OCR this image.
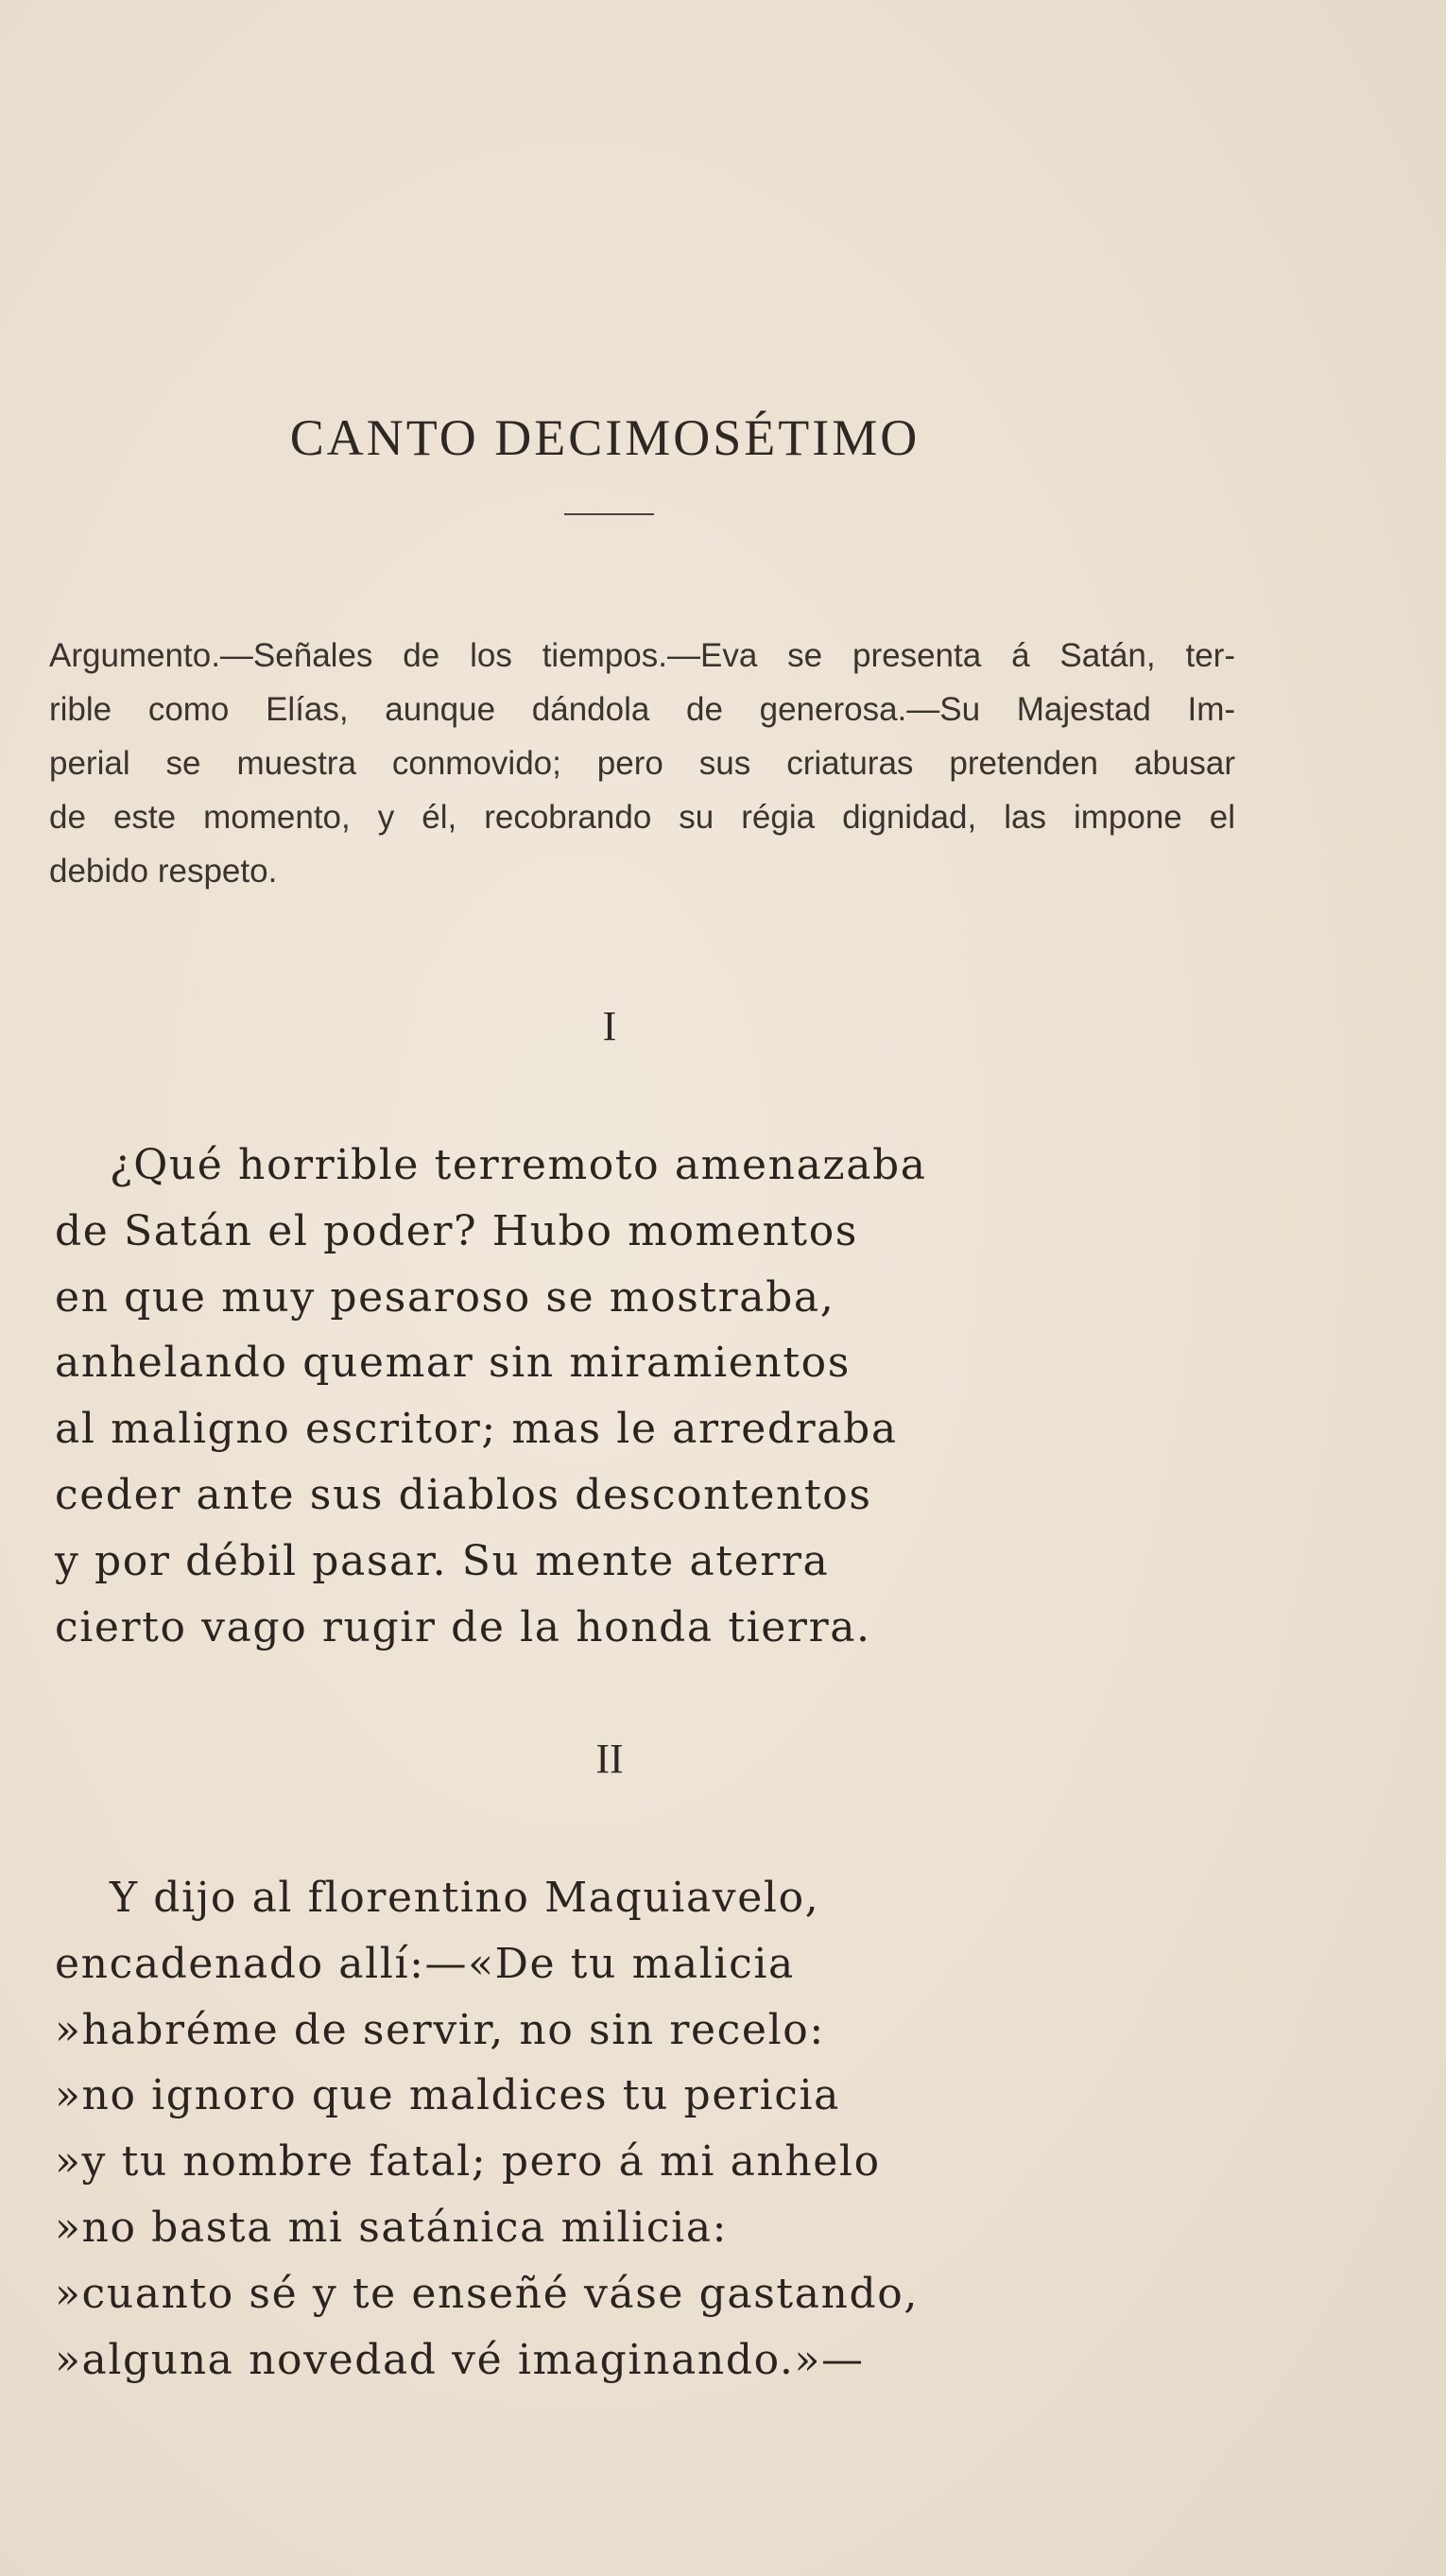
CANTO DECIMOSÉTIMO

Argumento.—Señales de los tiempos.—Eva se presenta á Satán, ter-
rible como Elías, aunque dándola de generosa.—Su Majestad Im-
perial se muestra conmovido; pero sus criaturas pretenden abusar
de este momento, y él, recobrando su régia dignidad, las impone el
debido respeto.

I

¿Qué horrible terremoto amenazaba
de Satán el poder? Hubo momentos
en que muy pesaroso se mostraba,
anhelando quemar sin miramientos
al maligno escritor; mas le arredraba
ceder ante sus diablos descontentos
y por débil pasar. Su mente aterra
cierto vago rugir de la honda tierra.

II

Y dijo al florentino Maquiavelo,
encadenado allí:—«De tu malicia
»habréme de servir, no sin recelo:
»no ignoro que maldices tu pericia
»y tu nombre fatal; pero á mi anhelo
»no basta mi satánica milicia:
»cuanto sé y te enseñé váse gastando,
»alguna novedad vé imaginando.»—
